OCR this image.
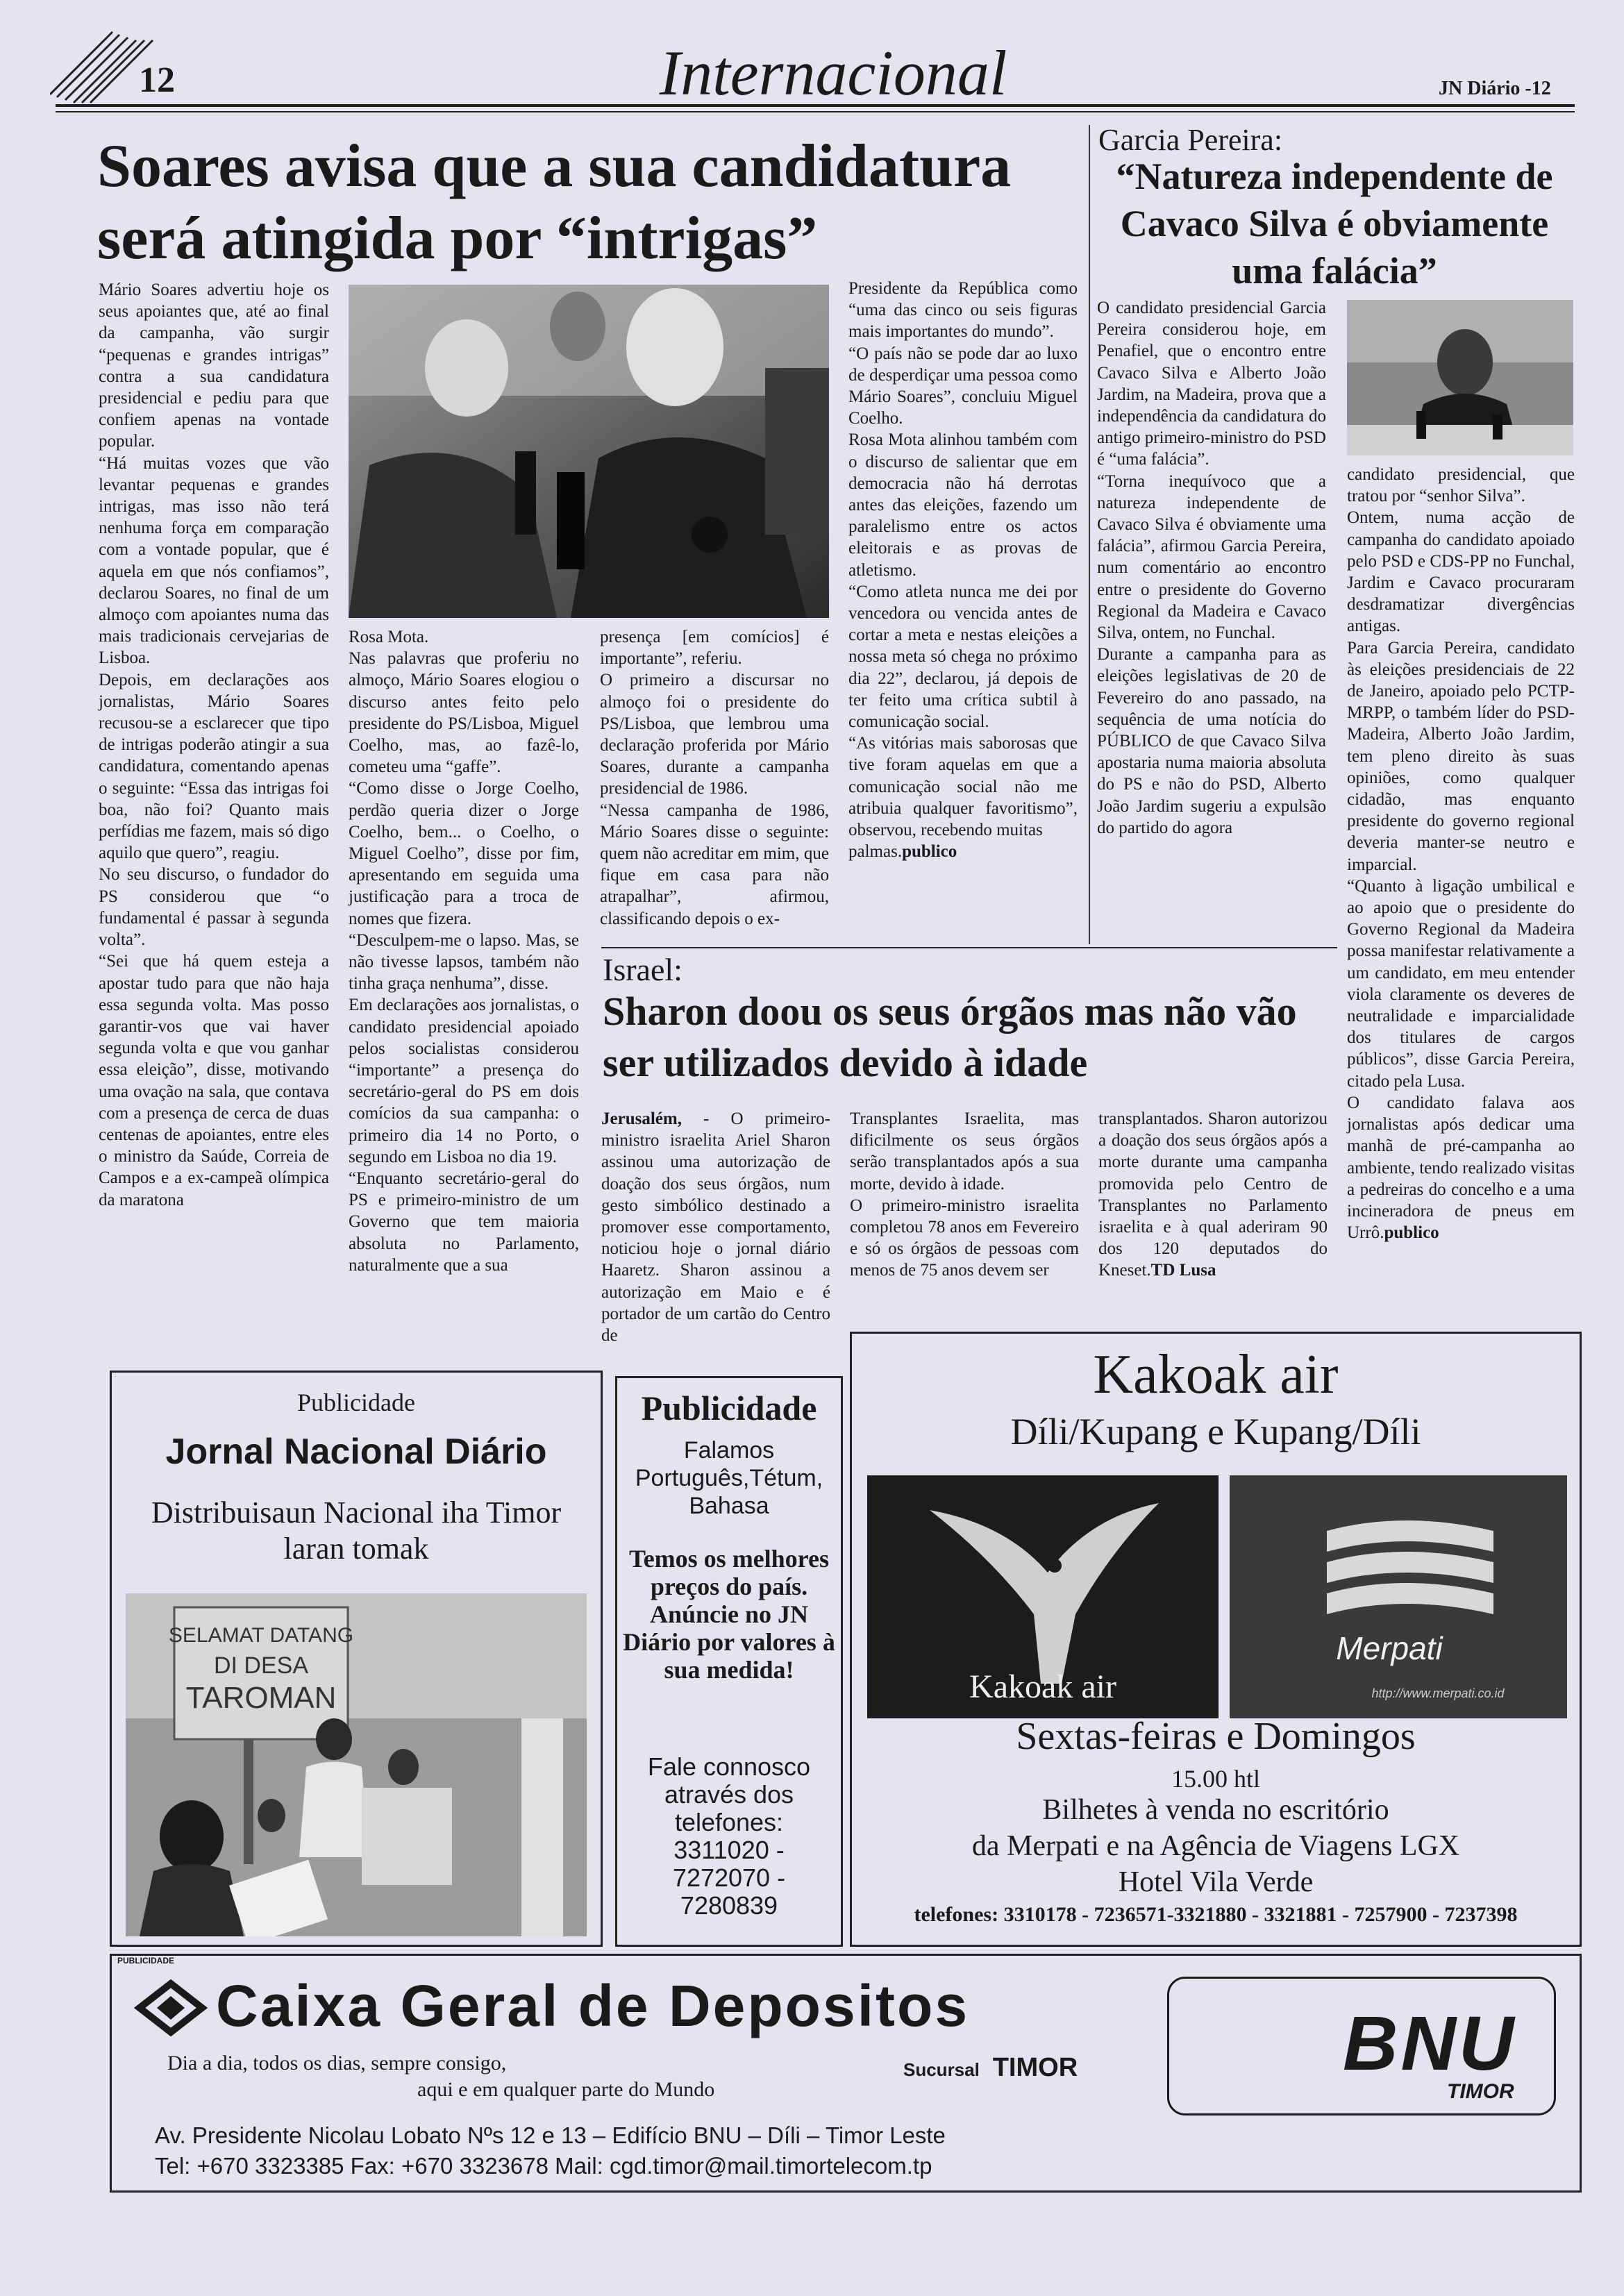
12	Internacional	JN Diário -12
Soares avisa que a sua candidatura será atingida por “intrigas”

Mário Soares advertiu hoje os seus apoiantes que, até ao final da campanha, vão surgir “pequenas e grandes intrigas” contra a sua candidatura presidencial e pediu para que confiem apenas na vontade popular.

“Há muitas vozes que vão levantar pequenas e grandes intrigas, mas isso não terá nenhuma força em comparação com a vontade popular, que é aquela em que nós confiamos”, declarou Soares, no final de um almoço com apoiantes numa das mais tradicionais cervejarias de Lisboa.

Depois, em declarações aos jornalistas, Mário Soares recusou-se a esclarecer que tipo de intrigas poderão atingir a sua candidatura, comentando apenas o seguinte: “Essa das intrigas foi boa, não foi? Quanto mais perfídias me fazem, mais só digo aquilo que quero”, reagiu.

No seu discurso, o fundador do PS considerou que “o fundamental é passar à segunda volta”.

“Sei que há quem esteja a apostar tudo para que não haja essa segunda volta. Mas posso garantir-vos que vai haver segunda volta e que vou ganhar essa eleição”, disse, motivando uma ovação na sala, que contava com a presença de cerca de duas centenas de apoiantes, entre eles o ministro da Saúde, Correia de Campos e a ex-campeã olímpica da maratona

Rosa Mota.

Nas palavras que proferiu no almoço, Mário Soares elogiou o discurso antes feito pelo presidente do PS/Lisboa, Miguel Coelho, mas, ao fazê-lo, cometeu uma “gaffe”.

“Como disse o Jorge Coelho, perdão queria dizer o Jorge Coelho, bem... o Coelho, o Miguel Coelho”, disse por fim, apresentando em seguida uma justificação para a troca de nomes que fizera.

“Desculpem-me o lapso. Mas, se não tivesse lapsos, também não tinha graça nenhuma”, disse.

Em declarações aos jornalistas, o candidato presidencial apoiado pelos socialistas considerou “importante” a presença do secretário-geral do PS em dois comícios da sua campanha: o primeiro dia 14 no Porto, o segundo em Lisboa no dia 19.

“Enquanto secretário-geral do PS e primeiro-ministro de um Governo que tem maioria absoluta no Parlamento, naturalmente que a sua

presença [em comícios] é importante”, referiu.

O primeiro a discursar no almoço foi o presidente do PS/Lisboa, que lembrou uma declaração proferida por Mário Soares, durante a campanha presidencial de 1986.

“Nessa campanha de 1986, Mário Soares disse o seguinte: quem não acreditar em mim, que fique em casa para não atrapalhar”, afirmou, classificando depois o ex-

Presidente da República como “uma das cinco ou seis figuras mais importantes do mundo”.

“O país não se pode dar ao luxo de desperdiçar uma pessoa como Mário Soares”, concluiu Miguel Coelho.

Rosa Mota alinhou também com o discurso de salientar que em democracia não há derrotas antes das eleições, fazendo um paralelismo entre os actos eleitorais e as provas de atletismo.

“Como atleta nunca me dei por vencedora ou vencida antes de cortar a meta e nestas eleições a nossa meta só chega no próximo dia 22”, declarou, já depois de ter feito uma crítica subtil à comunicação social.

“As vitórias mais saborosas que tive foram aquelas em que a comunicação social não me atribuia qualquer favoritismo”, observou, recebendo muitas

palmas.publico

Garcia Pereira:
“Natureza independente de Cavaco Silva é obviamente uma falácia”

O candidato presidencial Garcia Pereira considerou hoje, em Penafiel, que o encontro entre Cavaco Silva e Alberto João Jardim, na Madeira, prova que a independência da candidatura do antigo primeiro-ministro do PSD é “uma falácia”.

“Torna inequívoco que a natureza independente de Cavaco Silva é obviamente uma falácia”, afirmou Garcia Pereira, num comentário ao encontro entre o presidente do Governo Regional da Madeira e Cavaco Silva, ontem, no Funchal.

Durante a campanha para as eleições legislativas de 20 de Fevereiro do ano passado, na sequência de uma notícia do PÚBLICO de que Cavaco Silva apostaria numa maioria absoluta do PS e não do PSD, Alberto João Jardim sugeriu a expulsão do partido do agora

candidato presidencial, que tratou por “senhor Silva”.

Ontem, numa acção de campanha do candidato apoiado pelo PSD e CDS-PP no Funchal, Jardim e Cavaco procuraram desdramatizar divergências antigas.

Para Garcia Pereira, candidato às eleições presidenciais de 22 de Janeiro, apoiado pelo PCTP-MRPP, o também líder do PSD-Madeira, Alberto João Jardim, tem pleno direito às suas opiniões, como qualquer cidadão, mas enquanto presidente do governo regional deveria manter-se neutro e imparcial.

“Quanto à ligação umbilical e ao apoio que o presidente do Governo Regional da Madeira possa manifestar relativamente a um candidato, em meu entender viola claramente os deveres de neutralidade e imparcialidade dos titulares de cargos públicos”, disse Garcia Pereira, citado pela Lusa.

O candidato falava aos jornalistas após dedicar uma manhã de pré-campanha ao ambiente, tendo realizado visitas a pedreiras do concelho e a uma incineradora de pneus em Urrô.publico

Israel:
Sharon doou os seus órgãos mas não vão ser utilizados devido à idade

Jerusalém, - O primeiro-ministro israelita Ariel Sharon assinou uma autorização de doação dos seus órgãos, num gesto simbólico destinado a promover esse comportamento, noticiou hoje o jornal diário Haaretz. Sharon assinou a autorização em Maio e é portador de um cartão do Centro de

Transplantes Israelita, mas dificilmente os seus órgãos serão transplantados após a sua morte, devido à idade.

O primeiro-ministro israelita completou 78 anos em Fevereiro e só os órgãos de pessoas com menos de 75 anos devem ser

transplantados. Sharon autorizou a doação dos seus órgãos após a morte durante uma campanha promovida pelo Centro de Transplantes no Parlamento israelita e à qual aderiram 90 dos 120 deputados do Kneset.TD Lusa

Publicidade
Jornal Nacional Diário
Distribuisaun Nacional iha Timor laran tomak
SELAMAT DATANG
DI DESA
TAROMAN
Publicidade
Falamos
Português,Tétum,
Bahasa
Temos os melhores preços do país. Anúncie no JN Diário por valores à sua medida!
Fale connosco através dos telefones:
3311020 -
7272070 -
7280839
Kakoak air
Díli/Kupang e Kupang/Díli
Kakoak air
Merpati
http://www.merpati.co.id
Sextas-feiras e Domingos
15.00 htl
Bilhetes à venda no escritório
da Merpati e na Agência de Viagens LGX
Hotel Vila Verde
telefones: 3310178 - 7236571-3321880 - 3321881 - 7257900 - 7237398
PUBLICIDADE
Caixa Geral de Depositos
Dia a dia, todos os dias, sempre consigo,
aqui e em qualquer parte do Mundo
Sucursal TIMOR	BNU
TIMOR
Av. Presidente Nicolau Lobato Nºs 12 e 13 – Edifício BNU – Díli – Timor Leste
Tel: +670 3323385 Fax: +670 3323678 Mail: cgd.timor@mail.timortelecom.tp
